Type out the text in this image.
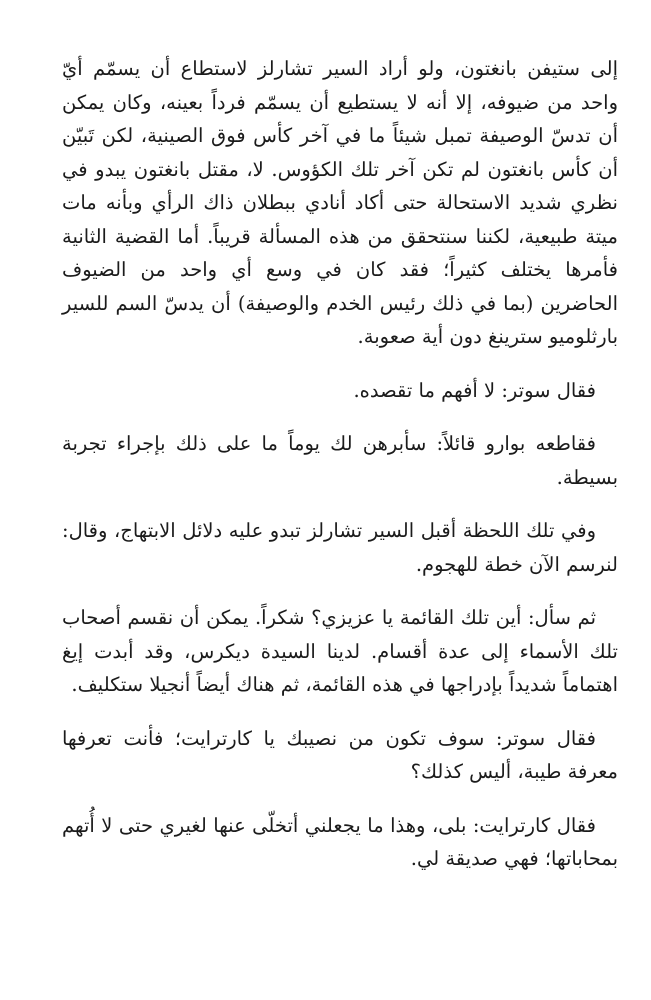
إلى ستيفن بانغتون، ولو أراد السير تشارلز لاستطاع أن يسمّم أيّ واحد من ضيوفه، إلا أنه لا يستطيع أن يسمّم فرداً بعينه، وكان يمكن أن تدسّ الوصيفة تمبل شيئاً ما في آخر كأس فوق الصينية، لكن تَبيّن أن كأس بانغتون لم تكن آخر تلك الكؤوس. لا، مقتل بانغتون يبدو في نظري شديد الاستحالة حتى أكاد أنادي ببطلان ذاك الرأي وبأنه مات ميتة طبيعية، لكننا سنتحقق من هذه المسألة قريباً. أما القضية الثانية فأمرها يختلف كثيراً؛ فقد كان في وسع أي واحد من الضيوف الحاضرين (بما في ذلك رئيس الخدم والوصيفة) أن يدسّ السم للسير بارثلوميو سترينغ دون أية صعوبة.

فقال سوتر: لا أفهم ما تقصده.

فقاطعه بوارو قائلاً: سأبرهن لك يوماً ما على ذلك بإجراء تجربة بسيطة.

وفي تلك اللحظة أقبل السير تشارلز تبدو عليه دلائل الابتهاج، وقال: لنرسم الآن خطة للهجوم.

ثم سأل: أين تلك القائمة يا عزيزي؟ شكراً. يمكن أن نقسم أصحاب تلك الأسماء إلى عدة أقسام. لدينا السيدة ديكرس، وقد أبدت إيغ اهتماماً شديداً بإدراجها في هذه القائمة، ثم هناك أيضاً أنجيلا ستكليف.

فقال سوتر: سوف تكون من نصيبك يا كارترايت؛ فأنت تعرفها معرفة طيبة، أليس كذلك؟

فقال كارترايت: بلى، وهذا ما يجعلني أتخلّى عنها لغيري حتى لا أُتهم بمحاباتها؛ فهي صديقة لي.
